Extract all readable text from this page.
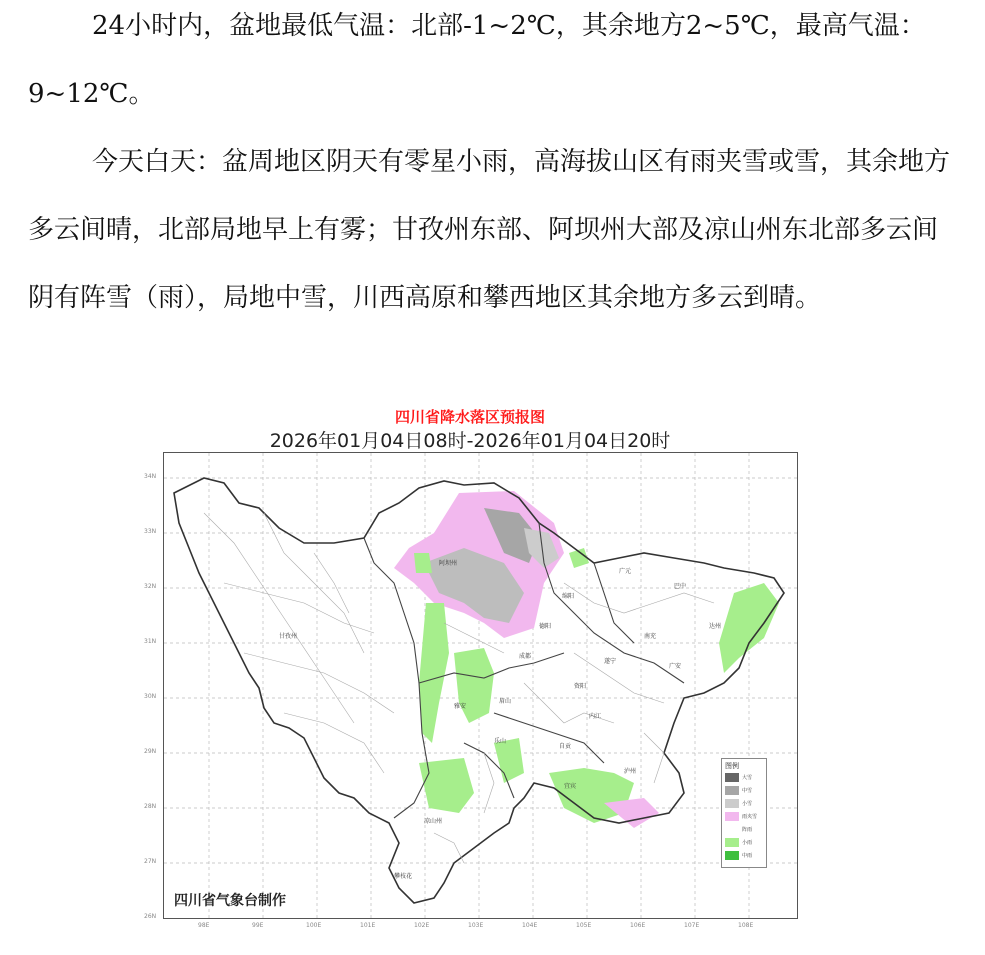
24小时内，盆地最低气温：北部-1~2℃，其余地方2~5℃，最高气温：9~12℃。

今天白天：盆周地区阴天有零星小雨，高海拔山区有雨夹雪或雪，其余地方多云间晴，北部局地早上有雾；甘孜州东部、阿坝州大部及凉山州东北部多云间阴有阵雪（雨），局地中雪，川西高原和攀西地区其余地方多云到晴。

四川省降水落区预报图
2026年01月04日08时-2026年01月04日20时
34N
33N
32N
31N
30N
29N
28N
27N
26N
98E	99E	100E	101E	102E	103E	104E	105E	106E	107E	108E
阿坝州
甘孜州
绵阳
广元
巴中
达州
南充
德阳
成都
遂宁
广安
雅安
资阳
眉山
内江
乐山
自贡
宜宾
泸州
凉山州
攀枝花
图例
大雪
中雪
小雪
雨夹雪
阵雨
小雨
中雨
四川省气象台制作
